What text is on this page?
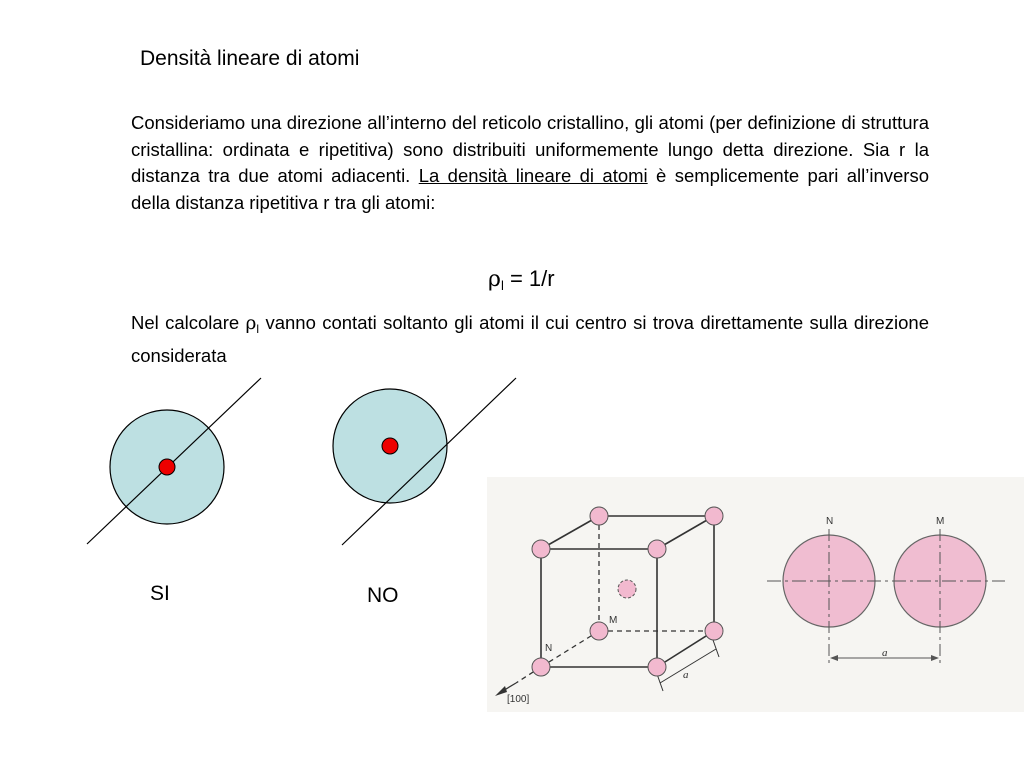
Densità lineare di atomi
Consideriamo una direzione all’interno del reticolo cristallino, gli atomi (per definizione di struttura cristallina: ordinata e ripetitiva) sono distribuiti uniformemente lungo detta direzione. Sia r la distanza tra due atomi adiacenti. La densità lineare di atomi è semplicemente pari all’inverso della distanza ripetitiva r tra gli atomi:
$\rho_l = 1/r$
Nel calcolare $\rho_l$ vanno contati soltanto gli atomi il cui centro si trova direttamente sulla direzione considerata
SI	NO
N
M
[100]
a
N	M
a
